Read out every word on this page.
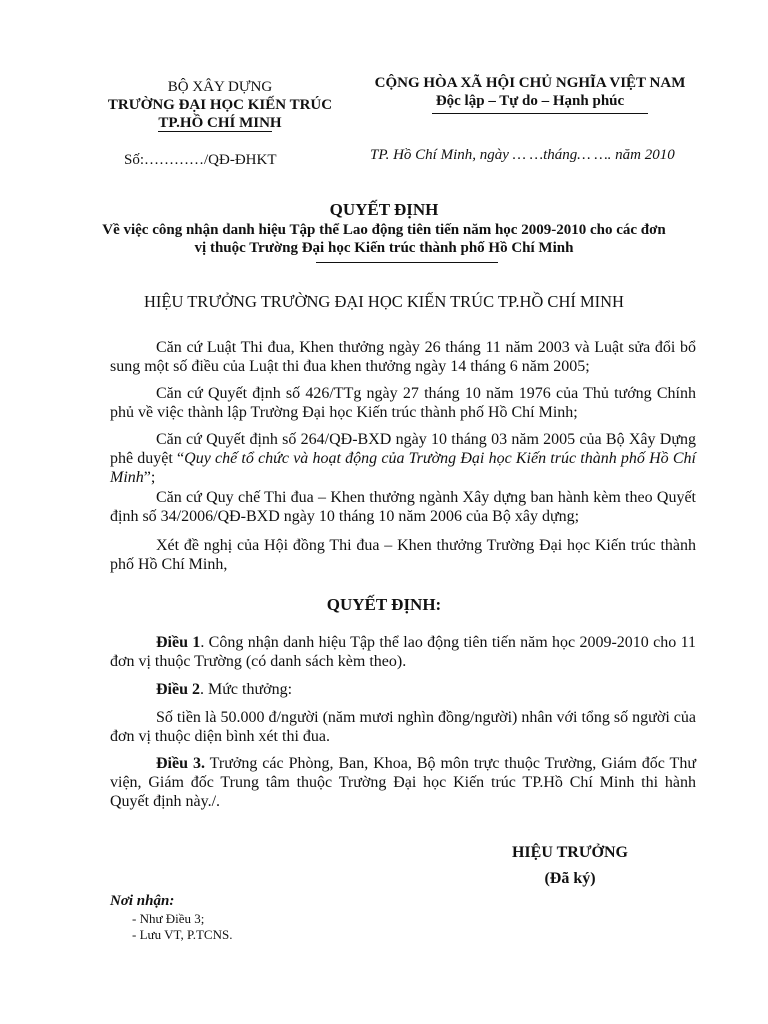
BỘ XÂY DỰNG
TRƯỜNG ĐẠI HỌC KIẾN TRÚC
TP.HỒ CHÍ MINH
Số:…………/QĐ-ĐHKT
CỘNG HÒA XÃ HỘI CHỦ NGHĨA VIỆT NAM
Độc lập – Tự do – Hạnh phúc
TP. Hồ Chí Minh, ngày … …tháng… …. năm 2010
QUYẾT ĐỊNH
Về việc công nhận danh hiệu Tập thể Lao động tiên tiến năm học 2009-2010 cho các đơn
vị thuộc Trường Đại học Kiến trúc thành phố Hồ Chí Minh
HIỆU TRƯỞNG TRƯỜNG ĐẠI HỌC KIẾN TRÚC TP.HỒ CHÍ MINH
Căn cứ Luật Thi đua, Khen thưởng ngày 26 tháng 11 năm 2003 và Luật sửa đổi bổ sung một số điều của Luật thi đua khen thưởng ngày 14 tháng 6 năm 2005;
Căn cứ Quyết định số 426/TTg ngày 27 tháng 10 năm 1976 của Thủ tướng Chính phủ về việc thành lập Trường Đại học Kiến trúc thành phố Hồ Chí Minh;
Căn cứ Quyết định số 264/QĐ-BXD ngày 10 tháng 03 năm 2005 của Bộ Xây Dựng phê duyệt “Quy chế tổ chức và hoạt động của Trường Đại học Kiến trúc thành phố Hồ Chí Minh”;
Căn cứ Quy chế Thi đua – Khen thưởng ngành Xây dựng ban hành kèm theo Quyết định số 34/2006/QĐ-BXD ngày 10 tháng 10 năm 2006 của Bộ xây dựng;
Xét đề nghị của Hội đồng Thi đua – Khen thưởng Trường Đại học Kiến trúc thành phố Hồ Chí Minh,
QUYẾT ĐỊNH:
Điều 1. Công nhận danh hiệu Tập thể lao động tiên tiến năm học 2009-2010 cho 11 đơn vị thuộc Trường (có danh sách kèm theo).
Điều 2. Mức thưởng:
Số tiền là 50.000 đ/người (năm mươi nghìn đồng/người) nhân với tổng số người của đơn vị thuộc diện bình xét thi đua.
Điều 3. Trưởng các Phòng, Ban, Khoa, Bộ môn trực thuộc Trường, Giám đốc Thư viện, Giám đốc Trung tâm thuộc Trường Đại học Kiến trúc TP.Hồ Chí Minh thi hành Quyết định này./.
HIỆU TRƯỞNG
(Đã ký)
Nơi nhận:
- Như Điều 3;
- Lưu VT, P.TCNS.
